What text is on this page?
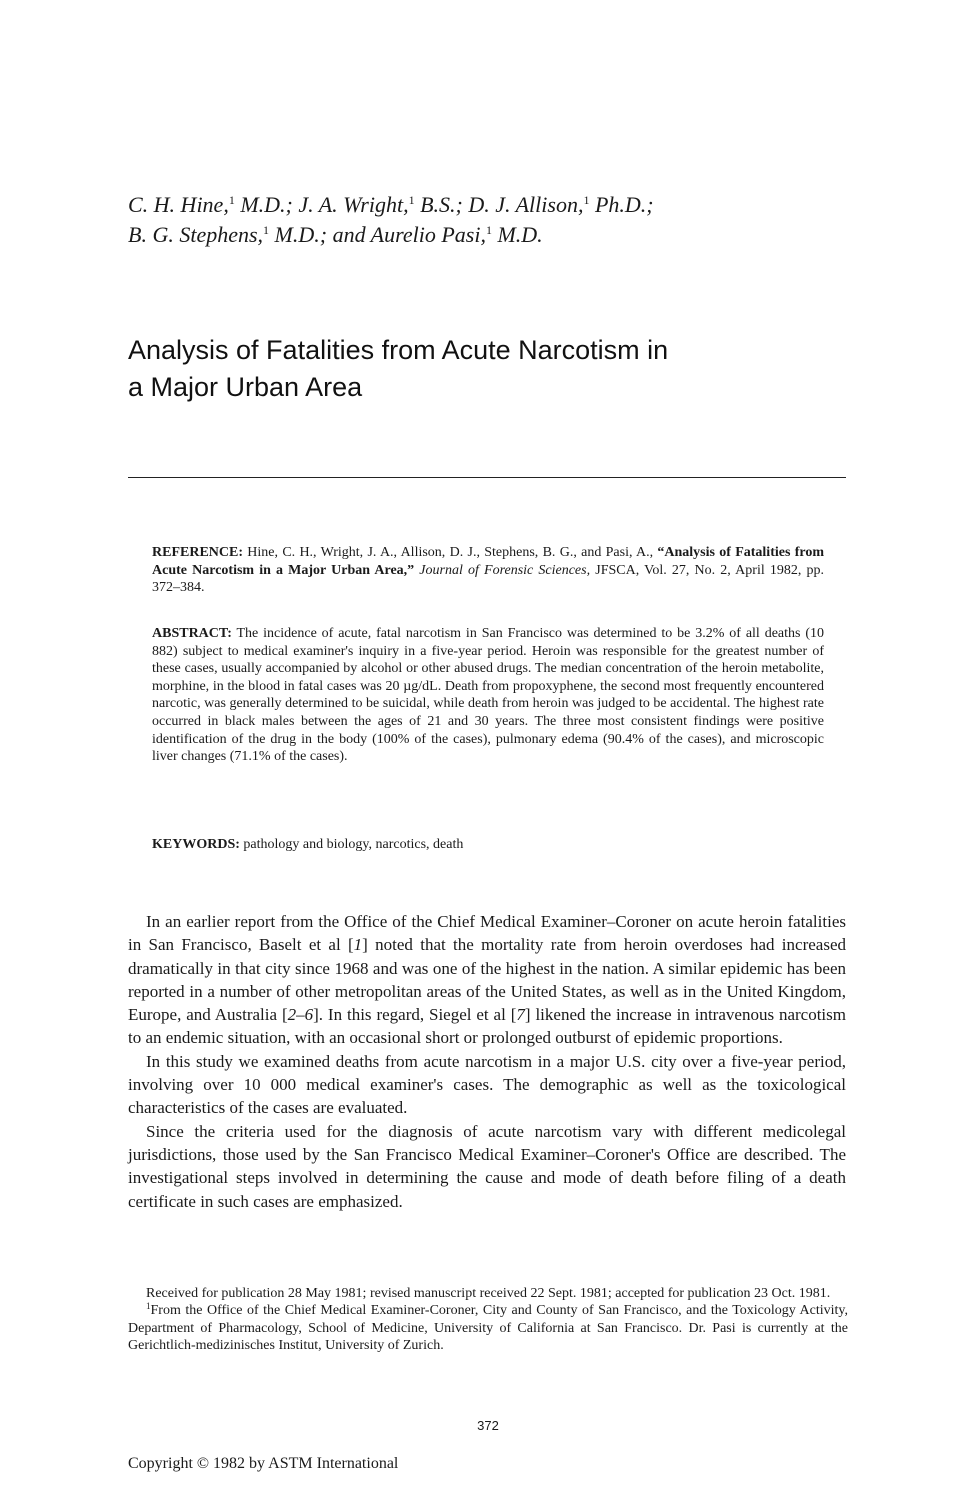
C. H. Hine,$^1$ M.D.; J. A. Wright,$^1$ B.S.; D. J. Allison,$^1$ Ph.D.;
B. G. Stephens,$^1$ M.D.; and Aurelio Pasi,$^1$ M.D.
Analysis of Fatalities from Acute Narcotism in
a Major Urban Area
REFERENCE: Hine, C. H., Wright, J. A., Allison, D. J., Stephens, B. G., and Pasi, A., “Analysis of Fatalities from Acute Narcotism in a Major Urban Area,” Journal of Forensic Sciences, JFSCA, Vol. 27, No. 2, April 1982, pp. 372–384.
ABSTRACT: The incidence of acute, fatal narcotism in San Francisco was determined to be 3.2% of all deaths (10 882) subject to medical examiner's inquiry in a five-year period. Heroin was responsible for the greatest number of these cases, usually accompanied by alcohol or other abused drugs. The median concentration of the heroin metabolite, morphine, in the blood in fatal cases was 20 µg/dL. Death from propoxyphene, the second most frequently encountered narcotic, was generally determined to be suicidal, while death from heroin was judged to be accidental. The highest rate occurred in black males between the ages of 21 and 30 years. The three most consistent findings were positive identification of the drug in the body (100% of the cases), pulmonary edema (90.4% of the cases), and microscopic liver changes (71.1% of the cases).
KEYWORDS: pathology and biology, narcotics, death

In an earlier report from the Office of the Chief Medical Examiner–Coroner on acute heroin fatalities in San Francisco, Baselt et al [1] noted that the mortality rate from heroin overdoses had increased dramatically in that city since 1968 and was one of the highest in the nation. A similar epidemic has been reported in a number of other metropolitan areas of the United States, as well as in the United Kingdom, Europe, and Australia [2–6]. In this regard, Siegel et al [7] likened the increase in intravenous narcotism to an endemic situation, with an occasional short or prolonged outburst of epidemic proportions.

In this study we examined deaths from acute narcotism in a major U.S. city over a five-year period, involving over 10 000 medical examiner's cases. The demographic as well as the toxicological characteristics of the cases are evaluated.

Since the criteria used for the diagnosis of acute narcotism vary with different medicolegal jurisdictions, those used by the San Francisco Medical Examiner–Coroner's Office are described. The investigational steps involved in determining the cause and mode of death before filing of a death certificate in such cases are emphasized.

Received for publication 28 May 1981; revised manuscript received 22 Sept. 1981; accepted for publication 23 Oct. 1981.

$^1$From the Office of the Chief Medical Examiner-Coroner, City and County of San Francisco, and the Toxicology Activity, Department of Pharmacology, School of Medicine, University of California at San Francisco. Dr. Pasi is currently at the Gerichtlich-medizinisches Institut, University of Zurich.

372
Copyright © 1982 by ASTM International
